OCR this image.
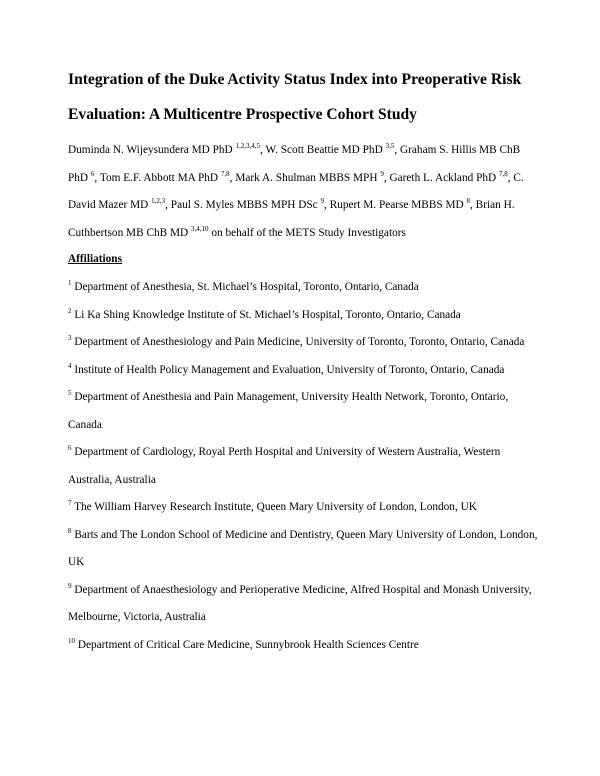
Integration of the Duke Activity Status Index into Preoperative Risk Evaluation: A Multicentre Prospective Cohort Study

Duminda N. Wijeysundera MD PhD $^{1,2,3,4,5}$, W. Scott Beattie MD PhD $^{3,5}$, Graham S. Hillis MB ChB PhD $^6$, Tom E.F. Abbott MA PhD $^{7,8}$, Mark A. Shulman MBBS MPH $^9$, Gareth L. Ackland PhD $^{7,8}$, C. David Mazer MD $^{1,2,3}$, Paul S. Myles MBBS MPH DSc $^9$, Rupert M. Pearse MBBS MD $^8$, Brian H. Cuthbertson MB ChB MD $^{3,4,10}$ on behalf of the METS Study Investigators

Affiliations

$^1$ Department of Anesthesia, St. Michael’s Hospital, Toronto, Ontario, Canada

$^2$ Li Ka Shing Knowledge Institute of St. Michael’s Hospital, Toronto, Ontario, Canada

$^3$ Department of Anesthesiology and Pain Medicine, University of Toronto, Toronto, Ontario, Canada

$^4$ Institute of Health Policy Management and Evaluation, University of Toronto, Ontario, Canada

$^5$ Department of Anesthesia and Pain Management, University Health Network, Toronto, Ontario, Canada

$^6$ Department of Cardiology, Royal Perth Hospital and University of Western Australia, Western Australia, Australia

$^7$ The William Harvey Research Institute, Queen Mary University of London, London, UK

$^8$ Barts and The London School of Medicine and Dentistry, Queen Mary University of London, London, UK

$^9$ Department of Anaesthesiology and Perioperative Medicine, Alfred Hospital and Monash University, Melbourne, Victoria, Australia

$^{10}$ Department of Critical Care Medicine, Sunnybrook Health Sciences Centre
